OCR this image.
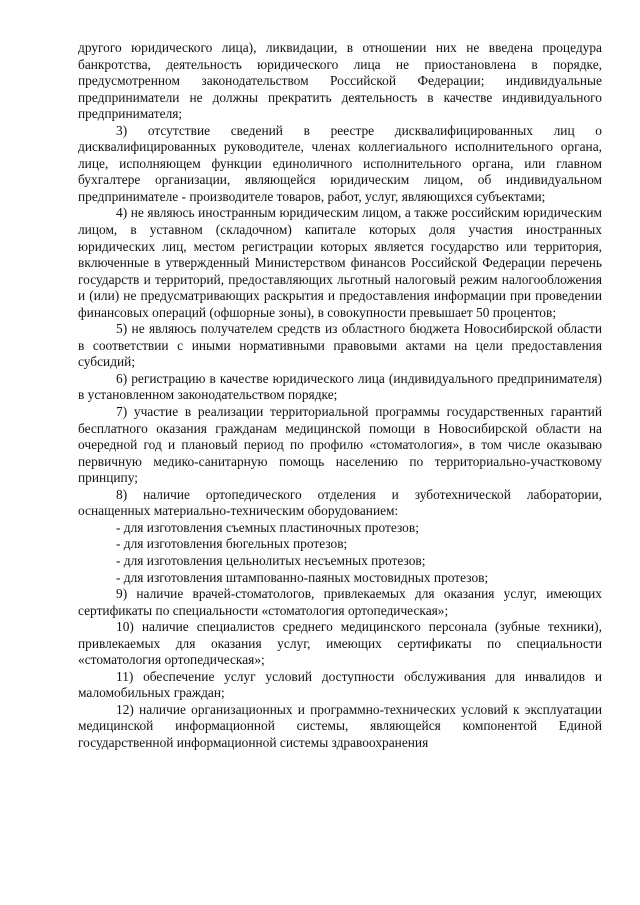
другого юридического лица), ликвидации, в отношении них не введена процедура банкротства, деятельность юридического лица не приостановлена в порядке, предусмотренном законодательством Российской Федерации; индивидуальные предприниматели не должны прекратить деятельность в качестве индивидуального предпринимателя;

3) отсутствие сведений в реестре дисквалифицированных лиц о дисквалифицированных руководителе, членах коллегиального исполнительного органа, лице, исполняющем функции единоличного исполнительного органа, или главном бухгалтере организации, являющейся юридическим лицом, об индивидуальном предпринимателе - производителе товаров, работ, услуг, являющихся субъектами;

4) не являюсь иностранным юридическим лицом, а также российским юридическим лицом, в уставном (складочном) капитале которых доля участия иностранных юридических лиц, местом регистрации которых является государство или территория, включенные в утвержденный Министерством финансов Российской Федерации перечень государств и территорий, предоставляющих льготный налоговый режим налогообложения и (или) не предусматривающих раскрытия и предоставления информации при проведении финансовых операций (офшорные зоны), в совокупности превышает 50 процентов;

5) не являюсь получателем средств из областного бюджета Новосибирской области в соответствии с иными нормативными правовыми актами на цели предоставления субсидий;

6) регистрацию в качестве юридического лица (индивидуального предпринимателя) в установленном законодательством порядке;

7) участие в реализации территориальной программы государственных гарантий бесплатного оказания гражданам медицинской помощи в Новосибирской области на очередной год и плановый период по профилю «стоматология», в том числе оказываю первичную медико-санитарную помощь населению по территориально-участковому принципу;

8) наличие ортопедического отделения и зуботехнической лаборатории, оснащенных материально-техническим оборудованием:

- для изготовления съемных пластиночных протезов;

- для изготовления бюгельных протезов;

- для изготовления цельнолитых несъемных протезов;

- для изготовления штампованно-паяных мостовидных протезов;

9) наличие врачей-стоматологов, привлекаемых для оказания услуг, имеющих сертификаты по специальности «стоматология ортопедическая»;

10) наличие специалистов среднего медицинского персонала (зубные техники), привлекаемых для оказания услуг, имеющих сертификаты по специальности «стоматология ортопедическая»;

11) обеспечение услуг условий доступности обслуживания для инвалидов и маломобильных граждан;

12) наличие организационных и программно-технических условий к эксплуатации медицинской информационной системы, являющейся компонентой Единой государственной информационной системы здравоохранения
